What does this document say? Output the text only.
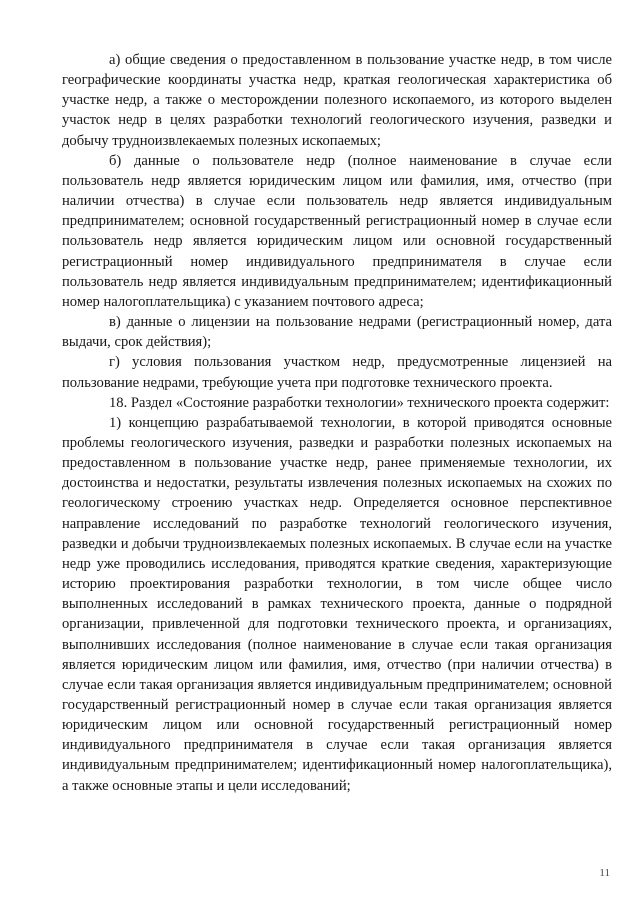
а) общие сведения о предоставленном в пользование участке недр, в том числе географические координаты участка недр, краткая геологическая характеристика об участке недр, а также о месторождении полезного ископаемого, из которого выделен участок недр в целях разработки технологий геологического изучения, разведки и добычу трудноизвлекаемых полезных ископаемых;

б) данные о пользователе недр (полное наименование в случае если пользователь недр является юридическим лицом или фамилия, имя, отчество (при наличии отчества) в случае если пользователь недр является индивидуальным предпринимателем; основной государственный регистрационный номер в случае если пользователь недр является юридическим лицом или основной государственный регистрационный номер индивидуального предпринимателя в случае если пользователь недр является индивидуальным предпринимателем; идентификационный номер налогоплательщика) с указанием почтового адреса;

в) данные о лицензии на пользование недрами (регистрационный номер, дата выдачи, срок действия);

г) условия пользования участком недр, предусмотренные лицензией на пользование недрами, требующие учета при подготовке технического проекта.

18. Раздел «Состояние разработки технологии» технического проекта содержит:

1) концепцию разрабатываемой технологии, в которой приводятся основные проблемы геологического изучения, разведки и разработки полезных ископаемых на предоставленном в пользование участке недр, ранее применяемые технологии, их достоинства и недостатки, результаты извлечения полезных ископаемых на схожих по геологическому строению участках недр. Определяется основное перспективное направление исследований по разработке технологий геологического изучения, разведки и добычи трудноизвлекаемых полезных ископаемых. В случае если на участке недр уже проводились исследования, приводятся краткие сведения, характеризующие историю проектирования разработки технологии, в том числе общее число выполненных исследований в рамках технического проекта, данные о подрядной организации, привлеченной для подготовки технического проекта, и организациях, выполнивших исследования (полное наименование в случае если такая организация является юридическим лицом или фамилия, имя, отчество (при наличии отчества) в случае если такая организация является индивидуальным предпринимателем; основной государственный регистрационный номер в случае если такая организация является юридическим лицом или основной государственный регистрационный номер индивидуального предпринимателя в случае если такая организация является индивидуальным предпринимателем; идентификационный номер налогоплательщика), а также основные этапы и цели исследований;

11
